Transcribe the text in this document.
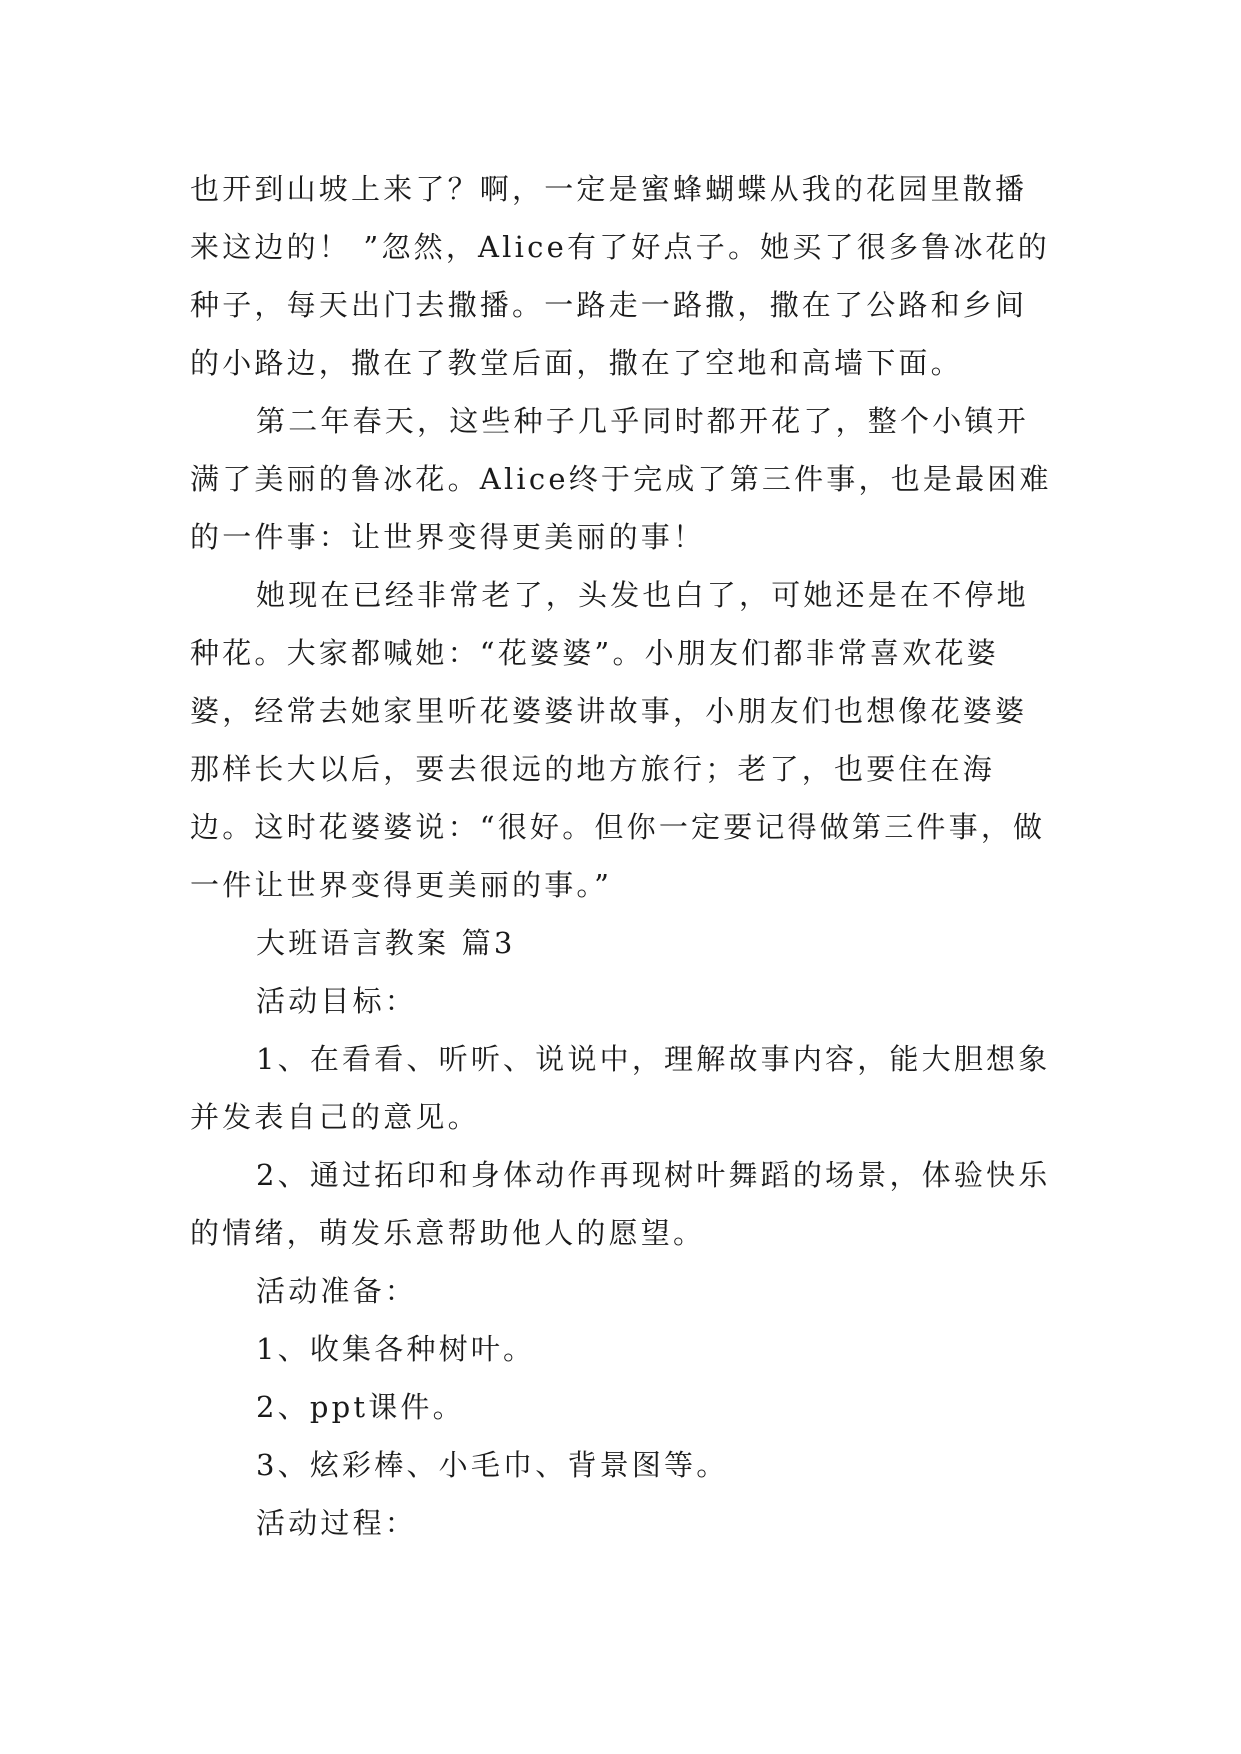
也开到山坡上来了？啊，一定是蜜蜂蝴蝶从我的花园里散播来这边的！ ”忽然，Alice有了好点子。她买了很多鲁冰花的种子，每天出门去撒播。一路走一路撒，撒在了公路和乡间的小路边，撒在了教堂后面，撒在了空地和高墙下面。

第二年春天，这些种子几乎同时都开花了，整个小镇开满了美丽的鲁冰花。Alice终于完成了第三件事，也是最困难的一件事：让世界变得更美丽的事！

她现在已经非常老了，头发也白了，可她还是在不停地种花。大家都喊她：“花婆婆”。小朋友们都非常喜欢花婆婆，经常去她家里听花婆婆讲故事，小朋友们也想像花婆婆那样长大以后，要去很远的地方旅行；老了，也要住在海边。这时花婆婆说：“很好。但你一定要记得做第三件事，做一件让世界变得更美丽的事。”

大班语言教案 篇3

活动目标：

1、在看看、听听、说说中，理解故事内容，能大胆想象并发表自己的意见。

2、通过拓印和身体动作再现树叶舞蹈的场景，体验快乐的情绪，萌发乐意帮助他人的愿望。

活动准备：

1、收集各种树叶。

2、ppt课件。

3、炫彩棒、小毛巾、背景图等。

活动过程：
